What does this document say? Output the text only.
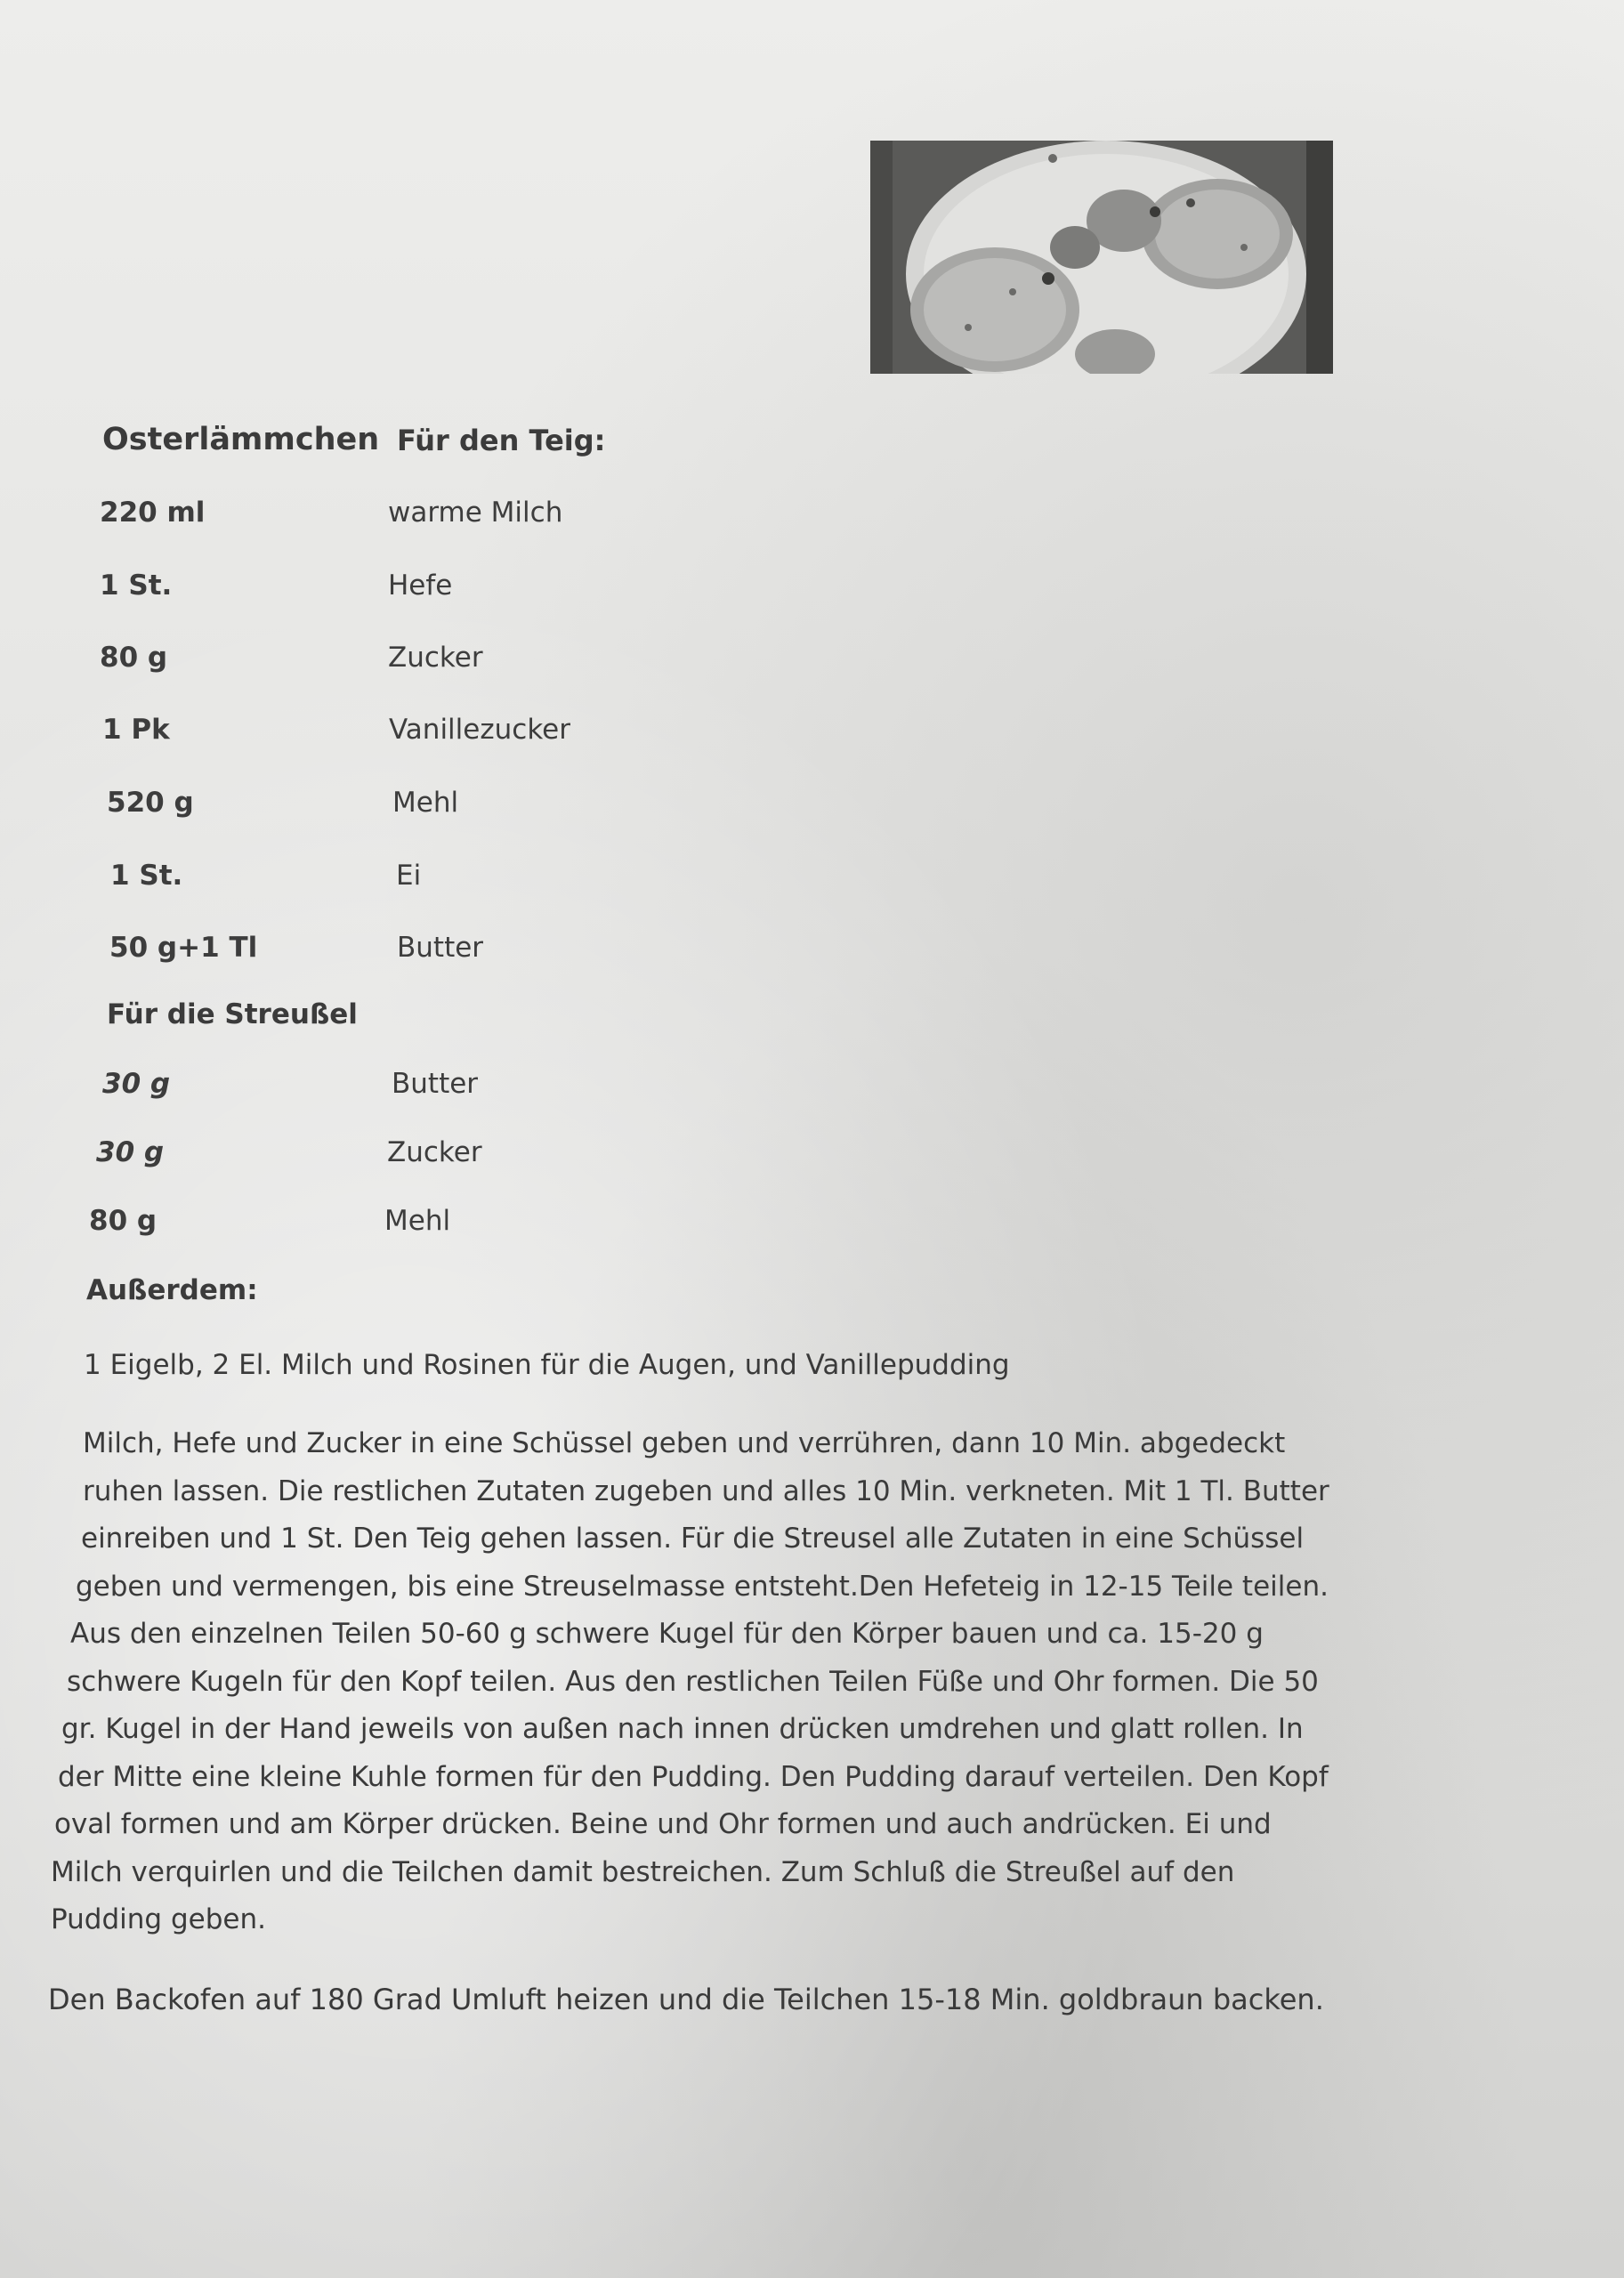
Osterlämmchen Für den Teig:
220 ml	warme Milch
1 St.	Hefe
80 g	Zucker
1 Pk	Vanillezucker
520 g	Mehl
1 St.	Ei
50 g+1 Tl	Butter
Für die Streußel
30 g	Butter
30 g	Zucker
80 g	Mehl
Außerdem:
1 Eigelb, 2 El. Milch und Rosinen für die Augen, und Vanillepudding
Milch, Hefe und Zucker in eine Schüssel geben und verrühren, dann 10 Min. abgedeckt
ruhen lassen. Die restlichen Zutaten zugeben und alles 10 Min. verkneten. Mit 1 Tl. Butter
einreiben und 1 St. Den Teig gehen lassen. Für die Streusel alle Zutaten in eine Schüssel
geben und vermengen, bis eine Streuselmasse entsteht.Den Hefeteig in 12-15 Teile teilen.
Aus den einzelnen Teilen 50-60 g schwere Kugel für den Körper bauen und ca. 15-20 g
schwere Kugeln für den Kopf teilen. Aus den restlichen Teilen Füße und Ohr formen. Die 50
gr. Kugel in der Hand jeweils von außen nach innen drücken umdrehen und glatt rollen. In
der Mitte eine kleine Kuhle formen für den Pudding. Den Pudding darauf verteilen. Den Kopf
oval formen und am Körper drücken. Beine und Ohr formen und auch andrücken. Ei und
Milch verquirlen und die Teilchen damit bestreichen. Zum Schluß die Streußel auf den
Pudding geben.
Den Backofen auf 180 Grad Umluft heizen und die Teilchen 15-18 Min. goldbraun backen.
